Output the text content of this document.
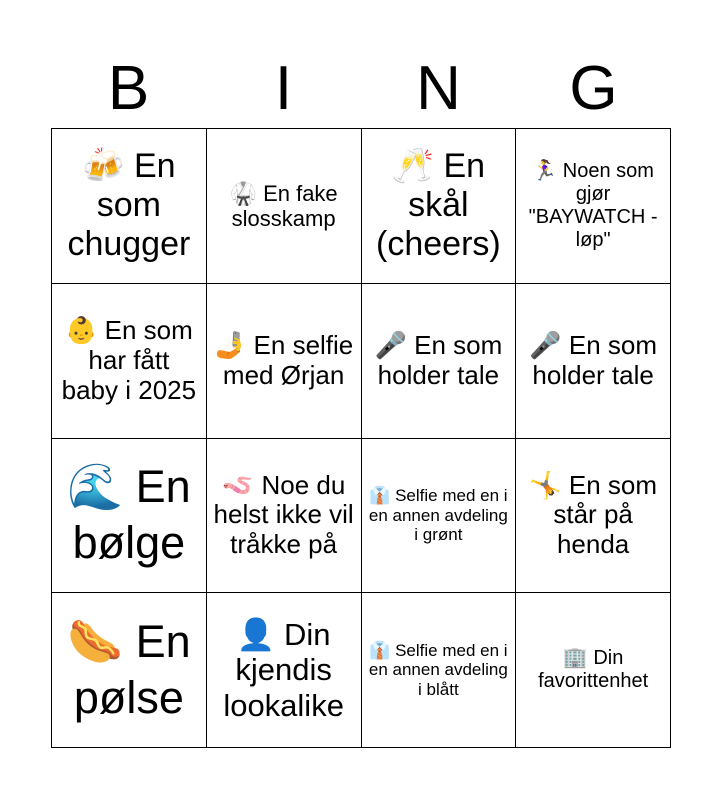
B	I	N	G
🍻 En som chugger
🥋 En fake slosskamp
🥂 En skål (cheers)
🏃‍♀️ Noen som gjør "BAYWATCH - løp"
👶 En som har fått baby i 2025
🤳 En selfie med Ørjan
🎤 En som holder tale
🎤 En som holder tale
🌊 En bølge
🪱 Noe du helst ikke vil tråkke på
👔 Selfie med en i en annen avdeling i grønt
🤸 En som står på henda
🌭 En pølse
👤 Din kjendis lookalike
👔 Selfie med en i en annen avdeling i blått
🏢 Din favorittenhet
